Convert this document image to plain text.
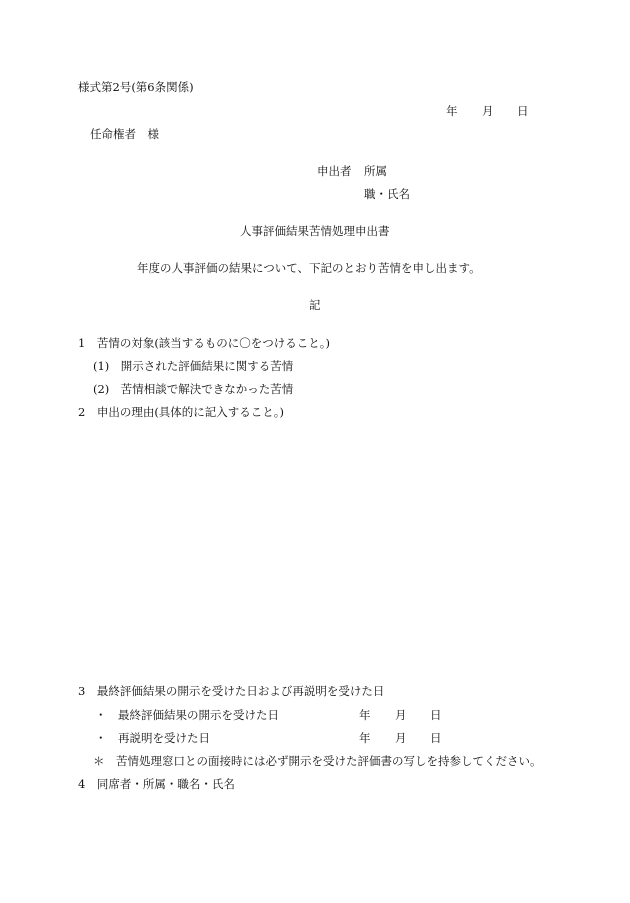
様式第2号(第6条関係)
年 月 日
任命権者　様
申出者 所属
職・氏名
人事評価結果苦情処理申出書
年度の人事評価の結果について、下記のとおり苦情を申し出ます。
記
1　苦情の対象(該当するものに〇をつけること。)
(1)　開示された評価結果に関する苦情
(2)　苦情相談で解決できなかった苦情
2　申出の理由(具体的に記入すること。)
3　最終評価結果の開示を受けた日および再説明を受けた日
・　最終評価結果の開示を受けた日	年 月 日
・　再説明を受けた日	年 月 日
＊　苦情処理窓口との面接時には必ず開示を受けた評価書の写しを持参してください。
4　同席者・所属・職名・氏名
